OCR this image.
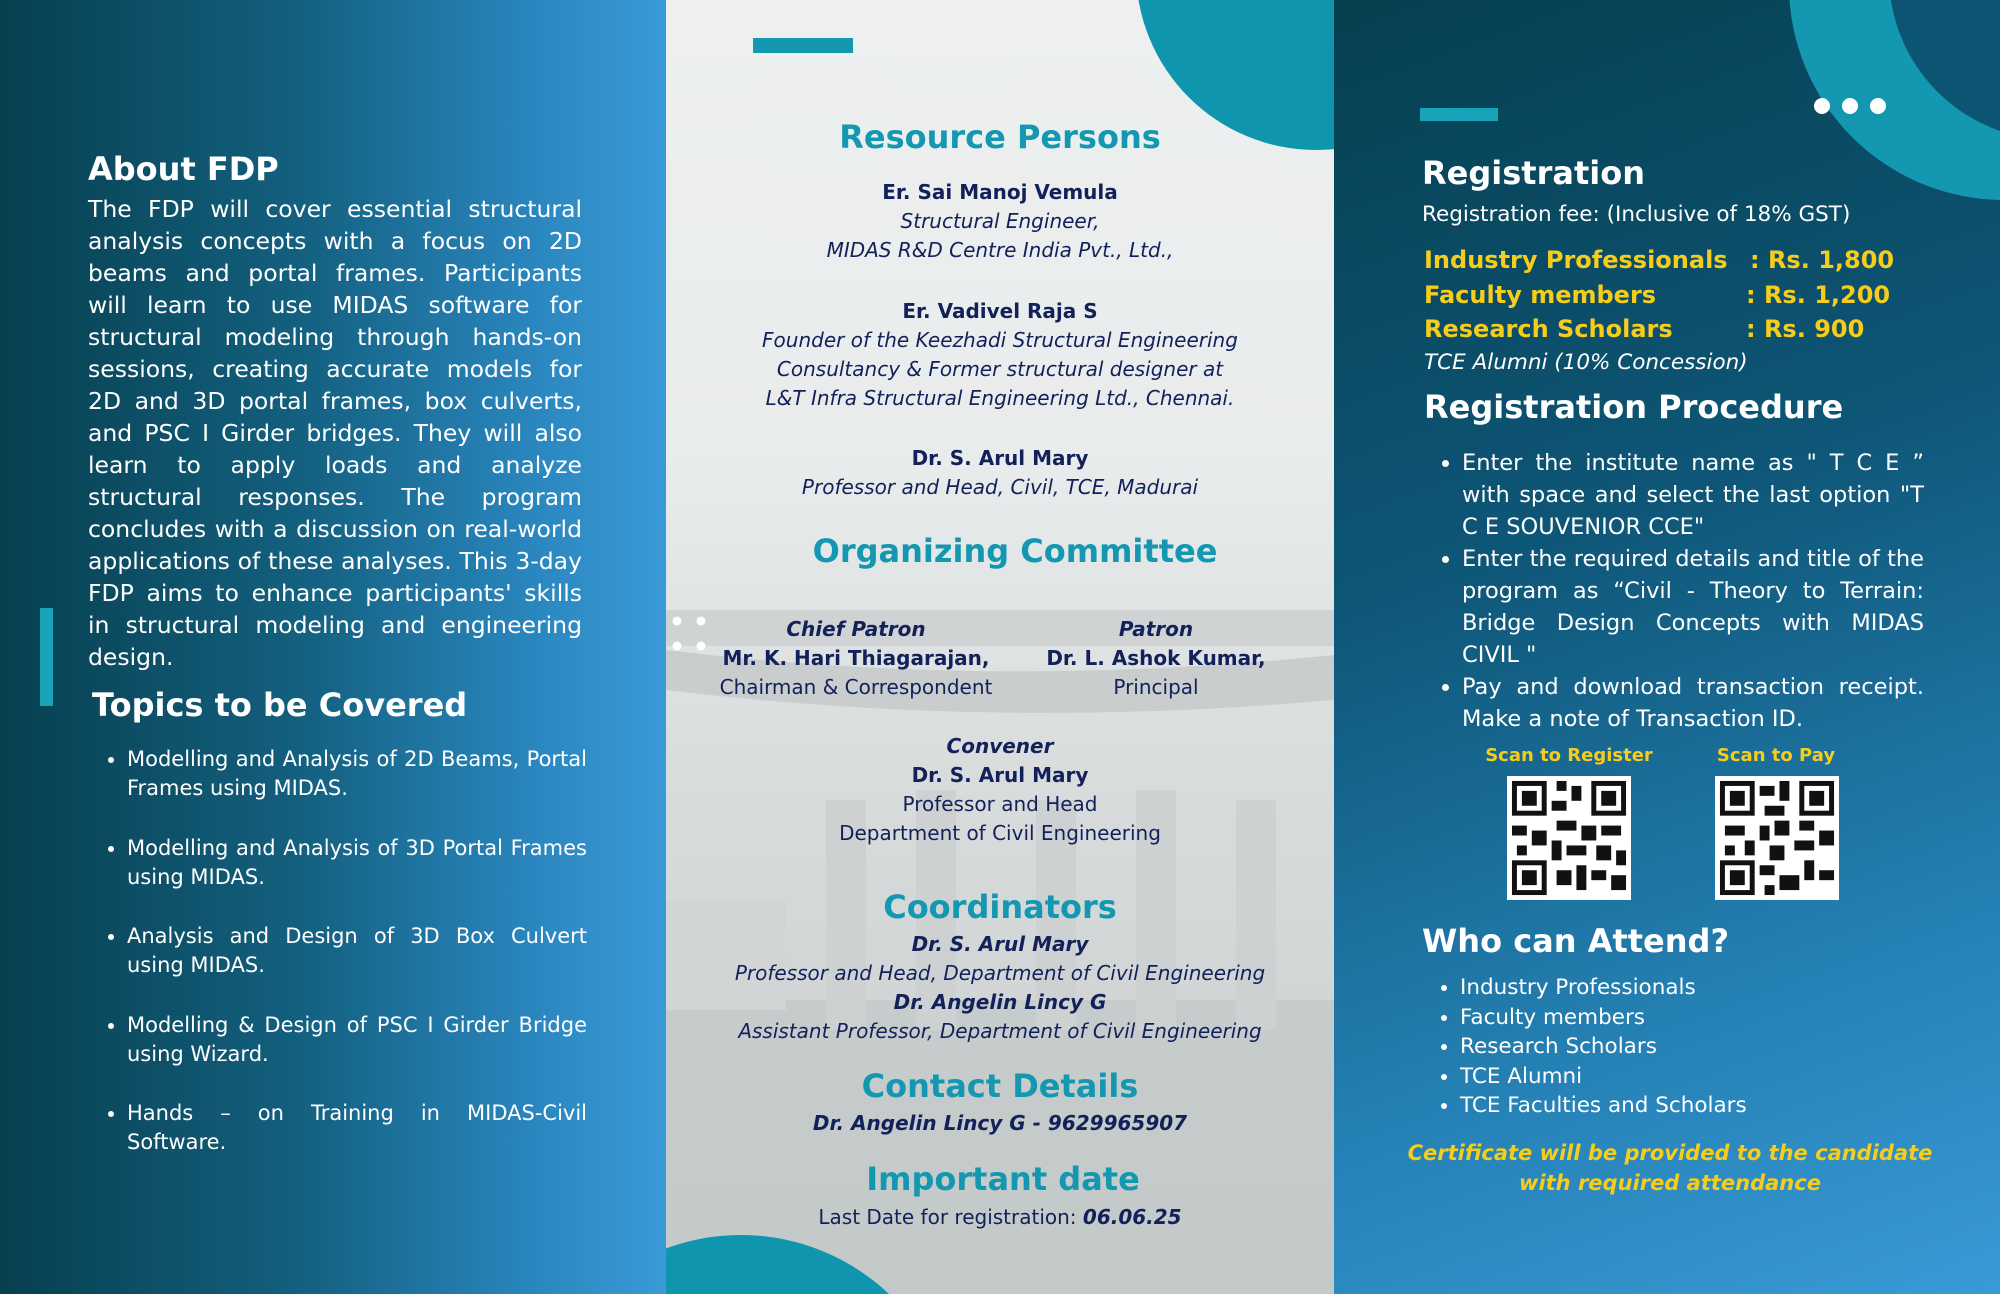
About FDP

The FDP will cover essential structural analysis concepts with a focus on 2D beams and portal frames. Participants will learn to use MIDAS software for structural modeling through hands-on sessions, creating accurate models for 2D and 3D portal frames, box culverts, and PSC I Girder bridges. They will also learn to apply loads and analyze structural responses. The program concludes with a discussion on real-world applications of these analyses. This 3-day FDP aims to enhance participants' skills in structural modeling and engineering design.

Topics to be Covered
• Modelling and Analysis of 2D Beams, Portal Frames using MIDAS.
• Modelling and Analysis of 3D Portal Frames using MIDAS.
• Analysis and Design of 3D Box Culvert using MIDAS.
• Modelling & Design of PSC I Girder Bridge using Wizard.
• Hands – on Training in MIDAS-Civil Software.
Resource Persons
Er. Sai Manoj Vemula
Structural Engineer,
MIDAS R&D Centre India Pvt., Ltd.,
Er. Vadivel Raja S
Founder of the Keezhadi Structural Engineering
Consultancy & Former structural designer at
L&T Infra Structural Engineering Ltd., Chennai.
Dr. S. Arul Mary
Professor and Head, Civil, TCE, Madurai
Organizing Committee
Chief Patron
Mr. K. Hari Thiagarajan,
Chairman & Correspondent
Patron
Dr. L. Ashok Kumar,
Principal
Convener
Dr. S. Arul Mary
Professor and Head
Department of Civil Engineering
Coordinators
Dr. S. Arul Mary
Professor and Head, Department of Civil Engineering
Dr. Angelin Lincy G
Assistant Professor, Department of Civil Engineering
Contact Details
Dr. Angelin Lincy G - 9629965907
Important date
Last Date for registration: 06.06.25
Registration
Registration fee: (Inclusive of 18% GST)
Industry Professionals : Rs. 1,800
Faculty members	: Rs. 1,200
Research Scholars	: Rs. 900
TCE Alumni (10% Concession)
Registration Procedure
• Enter the institute name as " T C E ” with space and select the last option "T C E SOUVENIOR CCE"
• Enter the required details and title of the program as “Civil - Theory to Terrain: Bridge Design Concepts with MIDAS CIVIL "
• Pay and download transaction receipt. Make a note of Transaction ID.
Scan to Register	Scan to Pay
Who can Attend?
• Industry Professionals
• Faculty members
• Research Scholars
• TCE Alumni
• TCE Faculties and Scholars
Certificate will be provided to the candidate with required attendance
